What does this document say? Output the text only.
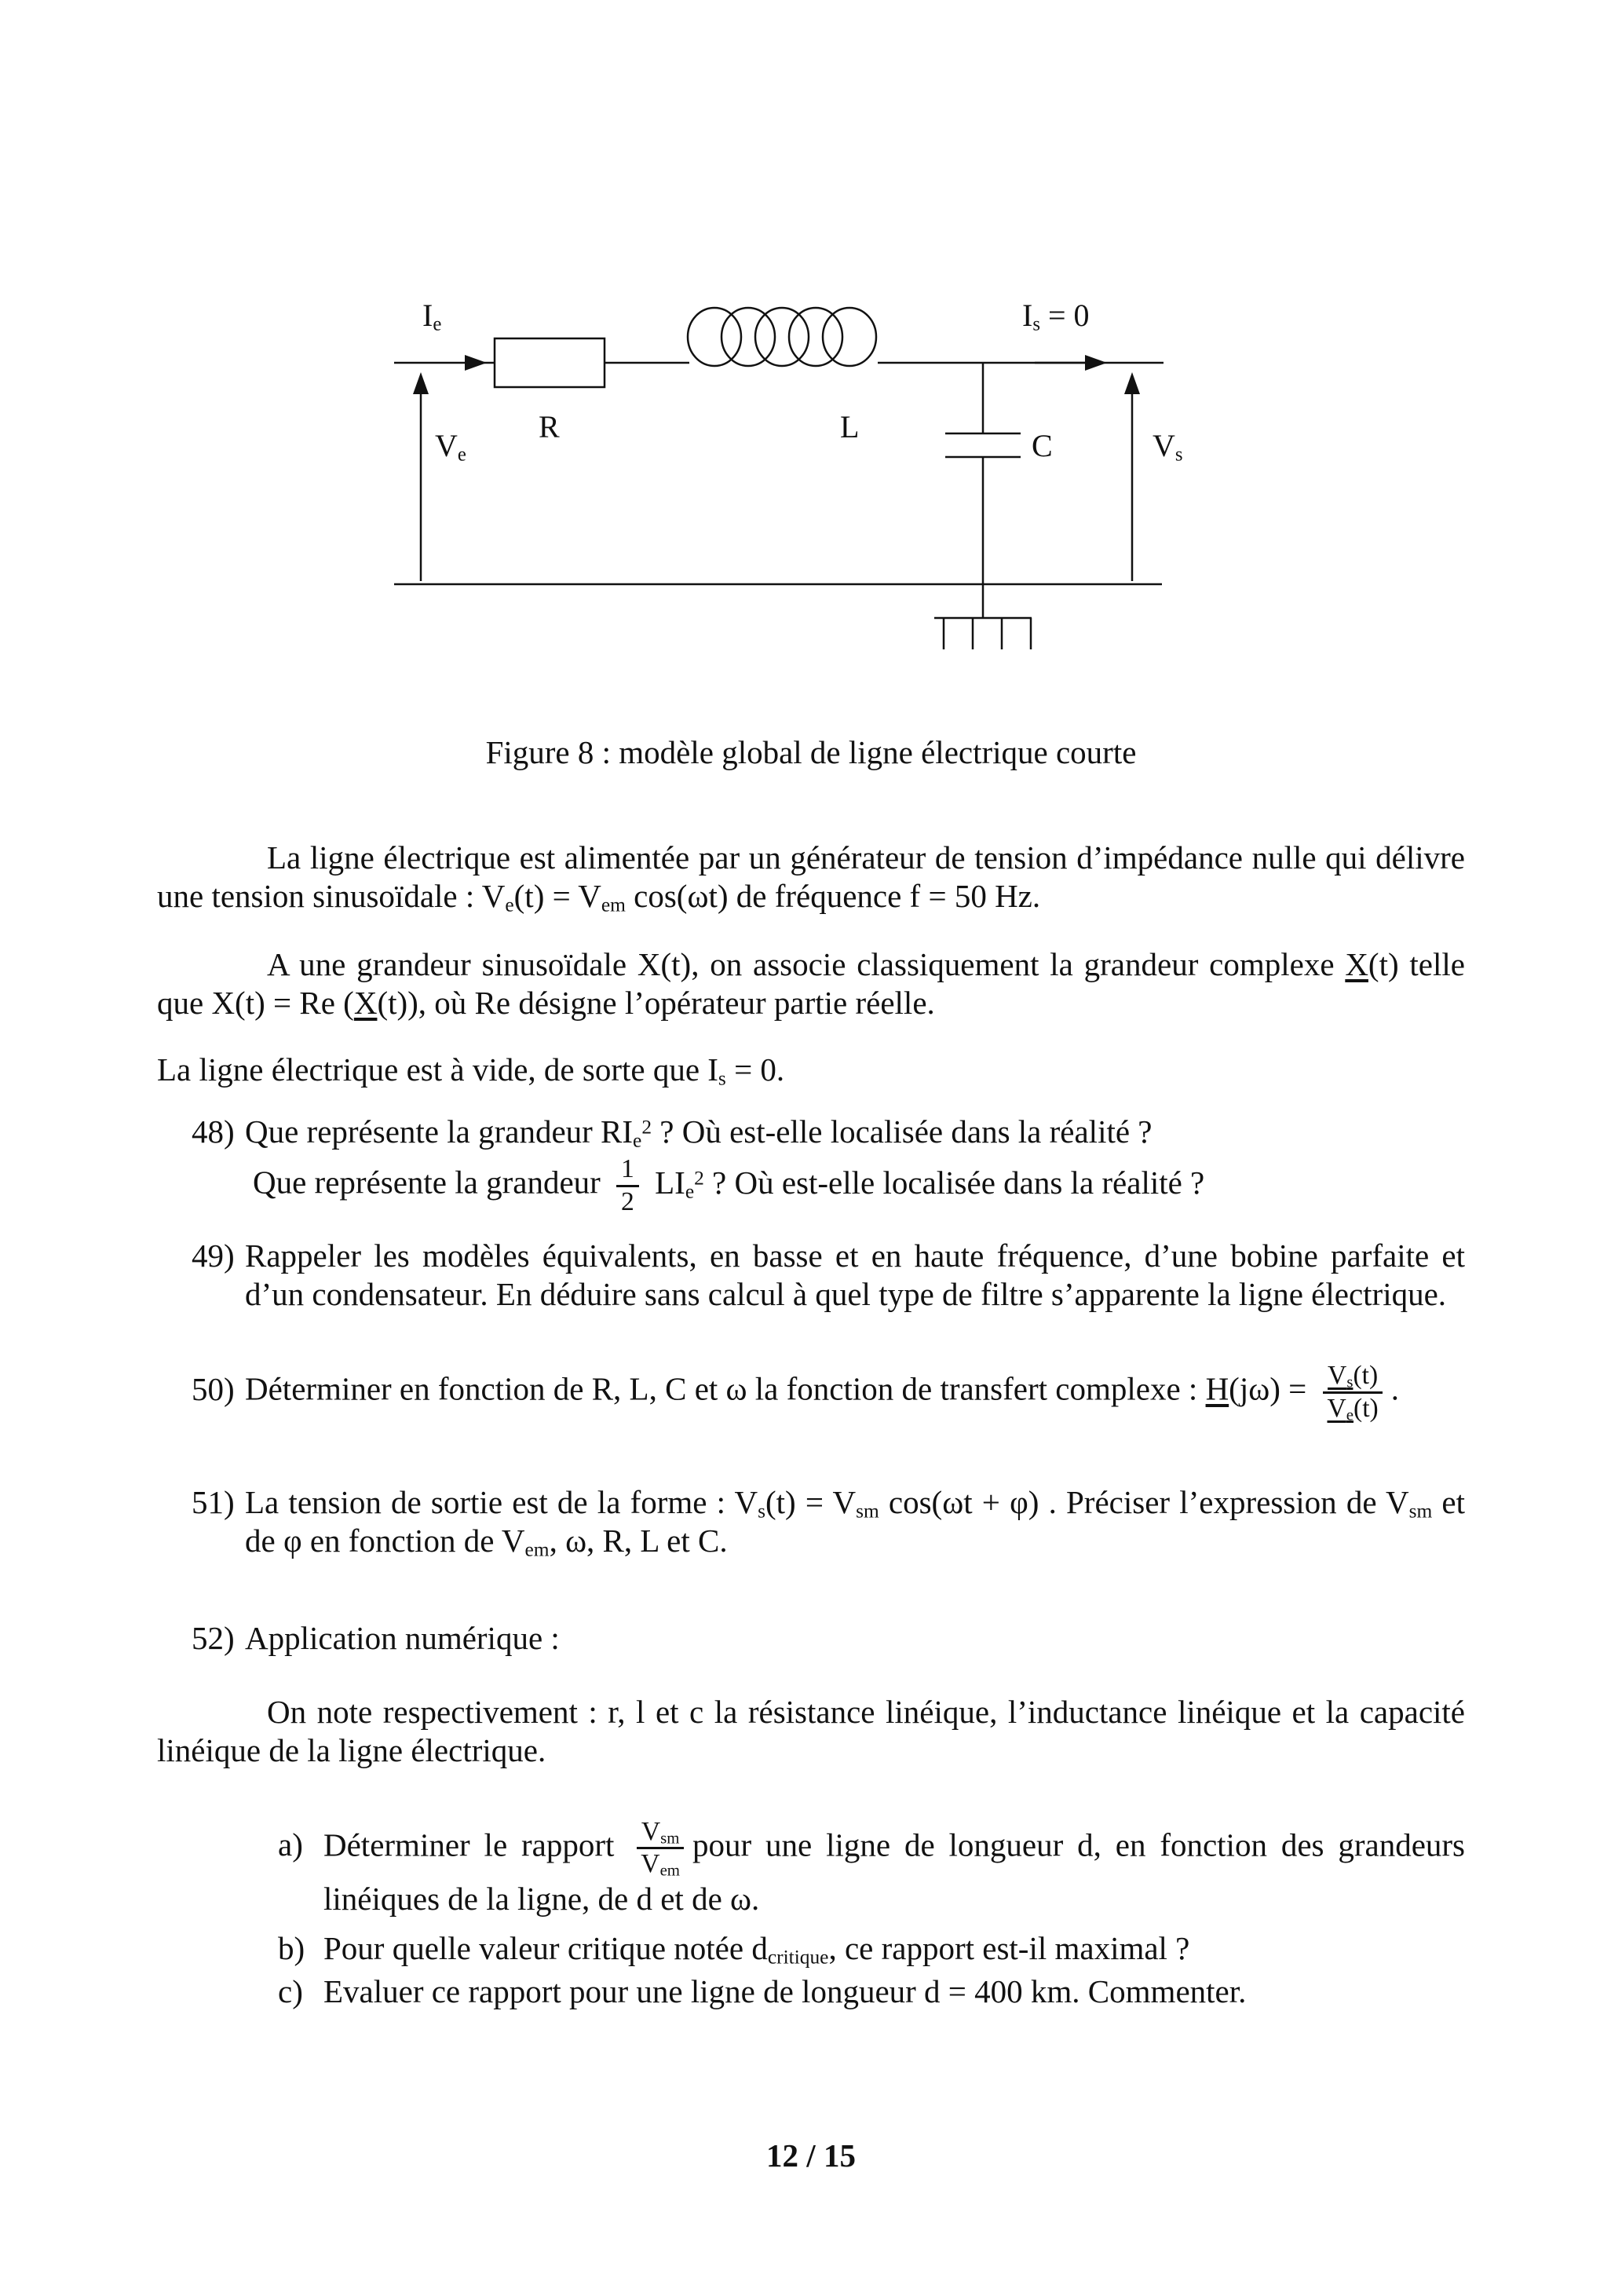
$I_e$	$I_s = 0$
R	L
C
$V_e$	$V_s$
Figure 8 : modèle global de ligne électrique courte

La ligne électrique est alimentée par un générateur de tension d’impédance nulle qui délivre une tension sinusoïdale : $V_e(t) = V_{em}$ cos(ωt) de fréquence f = 50 Hz.

A une grandeur sinusoïdale X(t), on associe classiquement la grandeur complexe X(t) telle que X(t) = Re (X(t)), où Re désigne l’opérateur partie réelle.

La ligne électrique est à vide, de sorte que $I_s = 0$.

48) Que représente la grandeur $RI_e^2$ ? Où est-elle localisée dans la réalité ?

Que représente la grandeur $\frac{1}{2} LI_e^2$ ? Où est-elle localisée dans la réalité ?

49) Rappeler les modèles équivalents, en basse et en haute fréquence, d’une bobine parfaite et d’un condensateur. En déduire sans calcul à quel type de filtre s’apparente la ligne électrique.

50) Déterminer en fonction de R, L, C et ω la fonction de transfert complexe : $H(j\omega) = \frac{V_s(t)}{V_e(t)}$ .

51) La tension de sortie est de la forme : $V_s(t) = V_{sm}$ cos(ωt + φ) . Préciser l’expression de $V_{sm}$ et de φ en fonction de $V_{em}$, ω, R, L et C.

52) Application numérique :

On note respectivement : r, l et c la résistance linéique, l’inductance linéique et la capacité linéique de la ligne électrique.

a) Déterminer le rapport $\frac{V_{sm}}{V_{em}}$ pour une ligne de longueur d, en fonction des grandeurs linéiques de la ligne, de d et de ω.

b) Pour quelle valeur critique notée $d_{critique}$, ce rapport est-il maximal ?

c) Evaluer ce rapport pour une ligne de longueur d = 400 km. Commenter.

12 / 15
